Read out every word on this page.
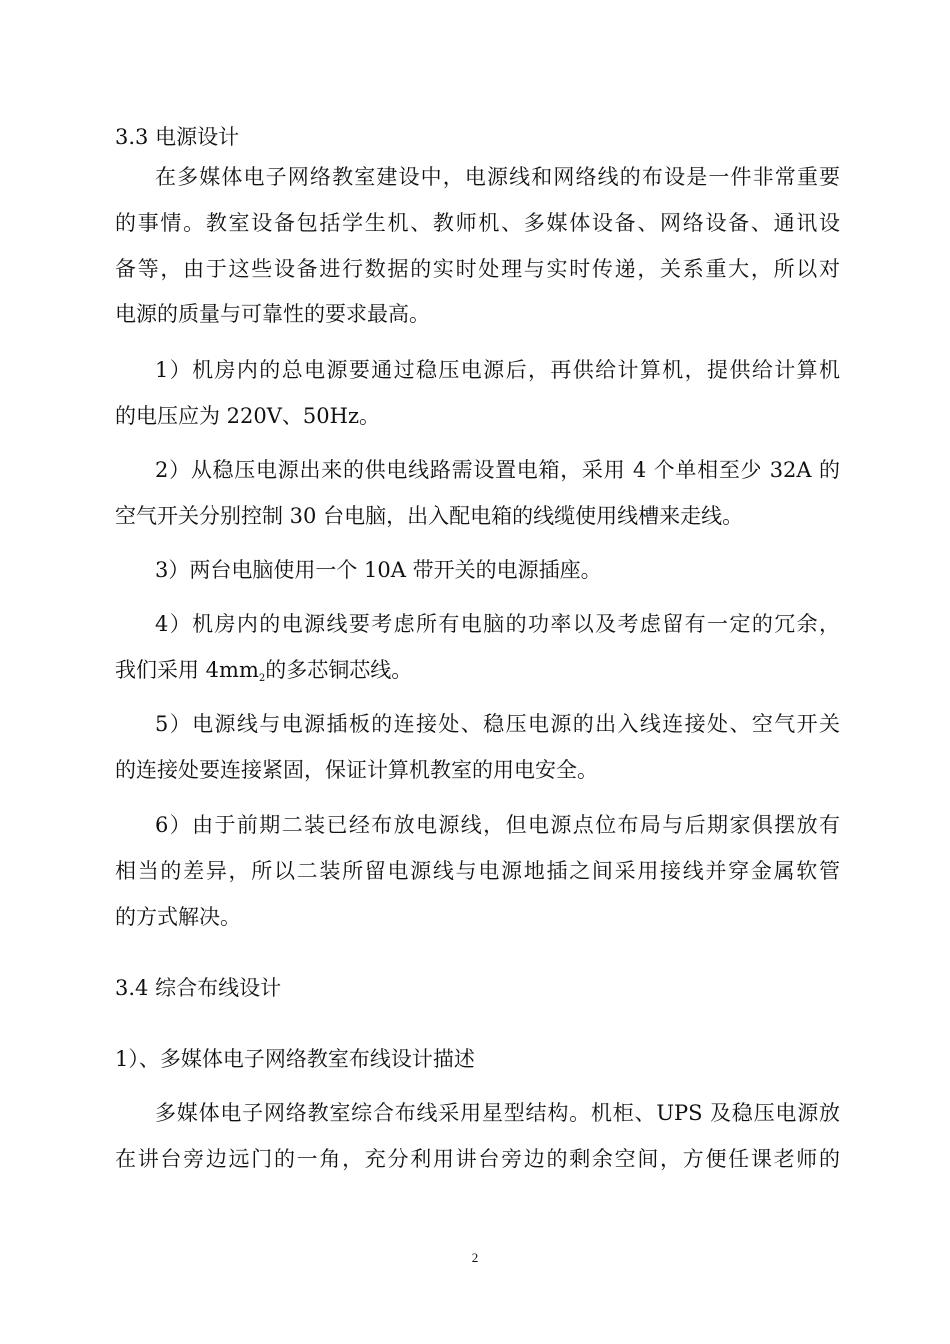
3.3 电源设计
在多媒体电子网络教室建设中，电源线和网络线的布设是一件非常重要
的事情。教室设备包括学生机、教师机、多媒体设备、网络设备、通讯设
备等，由于这些设备进行数据的实时处理与实时传递，关系重大，所以对
电源的质量与可靠性的要求最高。
1）机房内的总电源要通过稳压电源后，再供给计算机，提供给计算机
的电压应为 220V、50Hz。
2）从稳压电源出来的供电线路需设置电箱，采用 4 个单相至少 32A 的
空气开关分别控制 30 台电脑，出入配电箱的线缆使用线槽来走线。
3）两台电脑使用一个 10A 带开关的电源插座。
4）机房内的电源线要考虑所有电脑的功率以及考虑留有一定的冗余，
我们采用 $4mm^2$的多芯铜芯线。
5）电源线与电源插板的连接处、稳压电源的出入线连接处、空气开关
的连接处要连接紧固，保证计算机教室的用电安全。
6）由于前期二装已经布放电源线，但电源点位布局与后期家俱摆放有
相当的差异，所以二装所留电源线与电源地插之间采用接线并穿金属软管
的方式解决。
3.4 综合布线设计
1）、多媒体电子网络教室布线设计描述
多媒体电子网络教室综合布线采用星型结构。机柜、UPS 及稳压电源放
在讲台旁边远门的一角，充分利用讲台旁边的剩余空间，方便任课老师的
2
